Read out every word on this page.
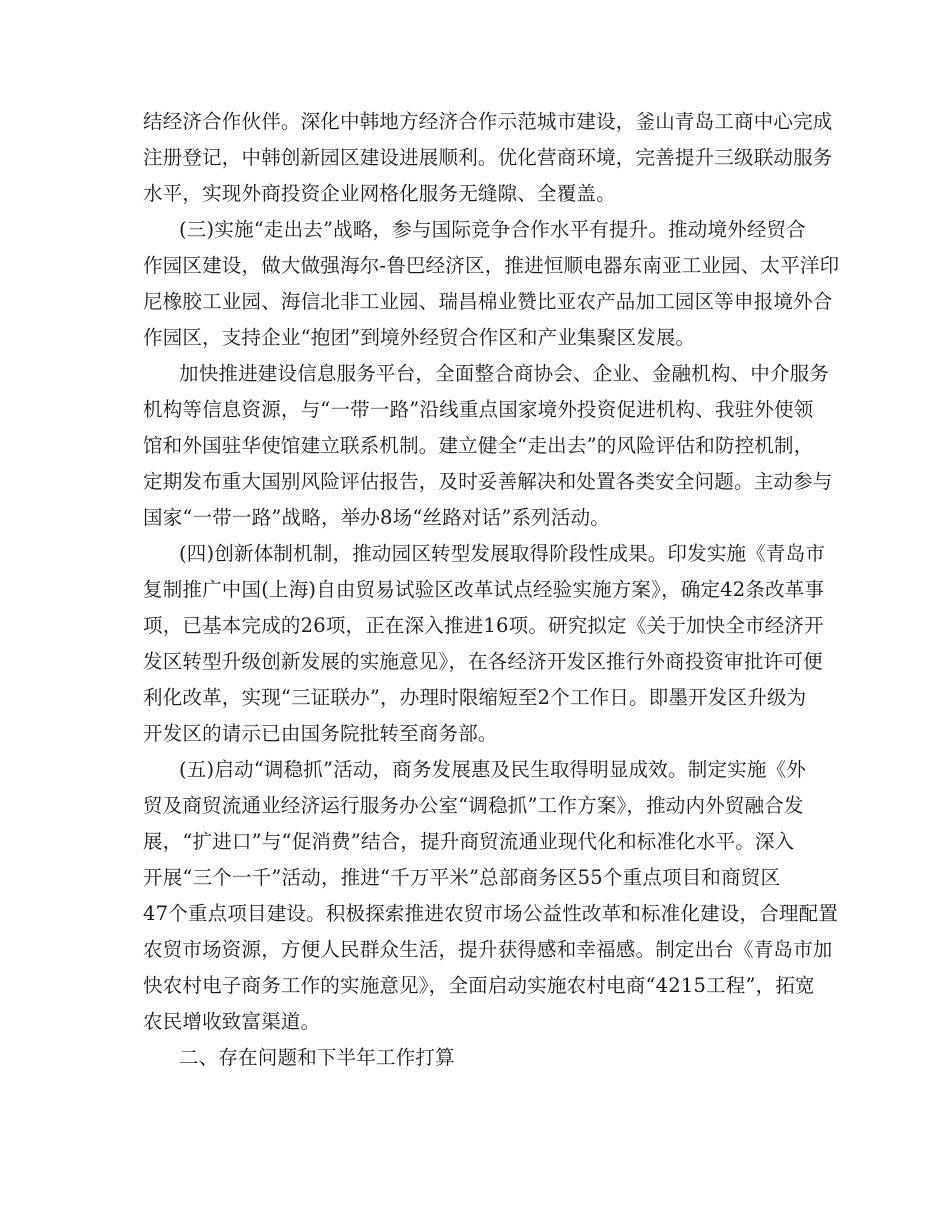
结经济合作伙伴。深化中韩地方经济合作示范城市建设，釜山青岛工商中心完成
注册登记，中韩创新园区建设进展顺利。优化营商环境，完善提升三级联动服务
水平，实现外商投资企业网格化服务无缝隙、全覆盖。
(三)实施“走出去”战略，参与国际竞争合作水平有提升。推动境外经贸合
作园区建设，做大做强海尔-鲁巴经济区，推进恒顺电器东南亚工业园、太平洋印
尼橡胶工业园、海信北非工业园、瑞昌棉业赞比亚农产品加工园区等申报境外合
作园区，支持企业“抱团”到境外经贸合作区和产业集聚区发展。
加快推进建设信息服务平台，全面整合商协会、企业、金融机构、中介服务
机构等信息资源，与“一带一路”沿线重点国家境外投资促进机构、我驻外使领
馆和外国驻华使馆建立联系机制。建立健全“走出去”的风险评估和防控机制，
定期发布重大国别风险评估报告，及时妥善解决和处置各类安全问题。主动参与
国家“一带一路”战略，举办8场“丝路对话”系列活动。
(四)创新体制机制，推动园区转型发展取得阶段性成果。印发实施《青岛市
复制推广中国(上海)自由贸易试验区改革试点经验实施方案》，确定42条改革事
项，已基本完成的26项，正在深入推进16项。研究拟定《关于加快全市经济开
发区转型升级创新发展的实施意见》，在各经济开发区推行外商投资审批许可便
利化改革，实现“三证联办”，办理时限缩短至2个工作日。即墨开发区升级为
开发区的请示已由国务院批转至商务部。
(五)启动“调稳抓”活动，商务发展惠及民生取得明显成效。制定实施《外
贸及商贸流通业经济运行服务办公室“调稳抓”工作方案》，推动内外贸融合发
展，“扩进口”与“促消费”结合，提升商贸流通业现代化和标准化水平。深入
开展“三个一千”活动，推进“千万平米”总部商务区55个重点项目和商贸区
47个重点项目建设。积极探索推进农贸市场公益性改革和标准化建设，合理配置
农贸市场资源，方便人民群众生活，提升获得感和幸福感。制定出台《青岛市加
快农村电子商务工作的实施意见》，全面启动实施农村电商“4215工程”，拓宽
农民增收致富渠道。
二、存在问题和下半年工作打算
